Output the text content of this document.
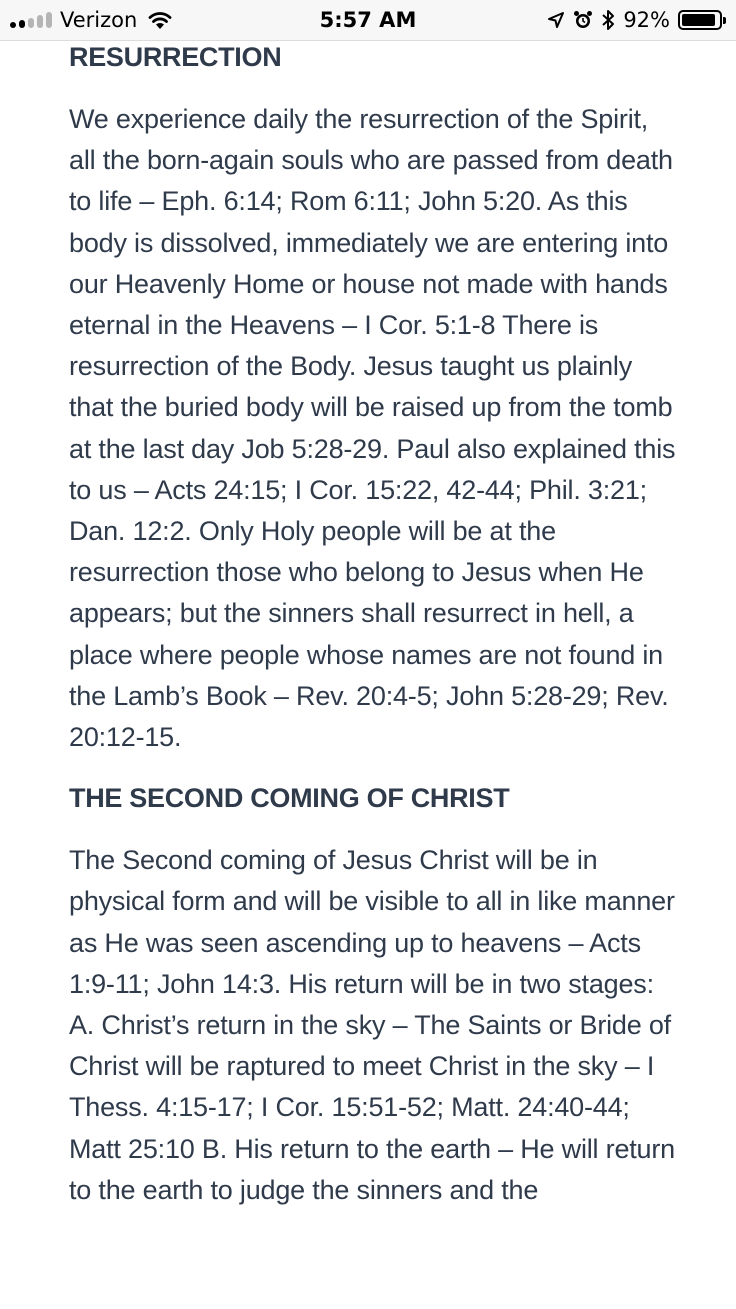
Verizon	5:57 AM	92%
RESURRECTION

We experience daily the resurrection of the Spirit, all the born-again souls who are passed from death to life – Eph. 6:14; Rom 6:11; John 5:20. As this body is dissolved, immediately we are entering into our Heavenly Home or house not made with hands eternal in the Heavens – I Cor. 5:1-8 There is resurrection of the Body. Jesus taught us plainly that the buried body will be raised up from the tomb at the last day Job 5:28-29. Paul also explained this to us – Acts 24:15; I Cor. 15:22, 42-44; Phil. 3:21; Dan. 12:2. Only Holy people will be at the resurrection those who belong to Jesus when He appears; but the sinners shall resurrect in hell, a place where people whose names are not found in the Lamb’s Book – Rev. 20:4-5; John 5:28-29; Rev. 20:12-15.

THE SECOND COMING OF CHRIST

The Second coming of Jesus Christ will be in physical form and will be visible to all in like manner as He was seen ascending up to heavens – Acts 1:9-11; John 14:3. His return will be in two stages: A. Christ’s return in the sky – The Saints or Bride of Christ will be raptured to meet Christ in the sky – I Thess. 4:15-17; I Cor. 15:51-52; Matt. 24:40-44; Matt 25:10 B. His return to the earth – He will return to the earth to judge the sinners and the
